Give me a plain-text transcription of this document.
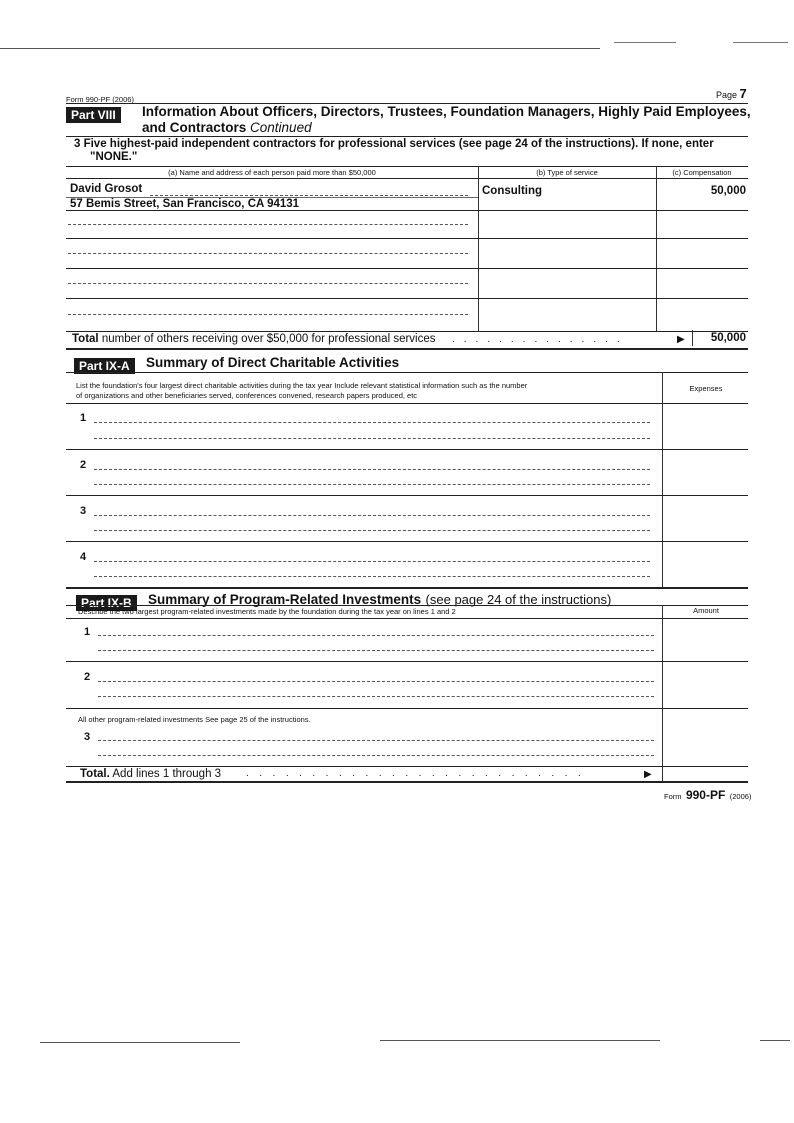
Form 990-PF (2006)	Page 7
Part VIII	Information About Officers, Directors, Trustees, Foundation Managers, Highly Paid Employees,
and Contractors Continued
3 Five highest-paid independent contractors for professional services (see page 24 of the instructions). If none, enter
"NONE."
(a) Name and address of each person paid more than $50,000	(b) Type of service	(c) Compensation
David Grosot
57 Bemis Street, San Francisco, CA 94131
Consulting	50,000
Total number of others receiving over $50,000 for professional services ...............	▶	50,000
Part IX-A	Summary of Direct Charitable Activities
List the foundation's four largest direct charitable activities during the tax year Include relevant statistical information such as the number
of organizations and other beneficiaries served, conferences convened, research papers produced, etc
Expenses
1
2
3
4
Part IX-B	Summary of Program-Related Investments (see page 24 of the instructions)
Describe the two largest program-related investments made by the foundation during the tax year on lines 1 and 2	Amount
1
2
All other program-related investments See page 25 of the instructions.
3
Total. Add lines 1 through 3 ..........................	▶
Form 990-PF (2006)
